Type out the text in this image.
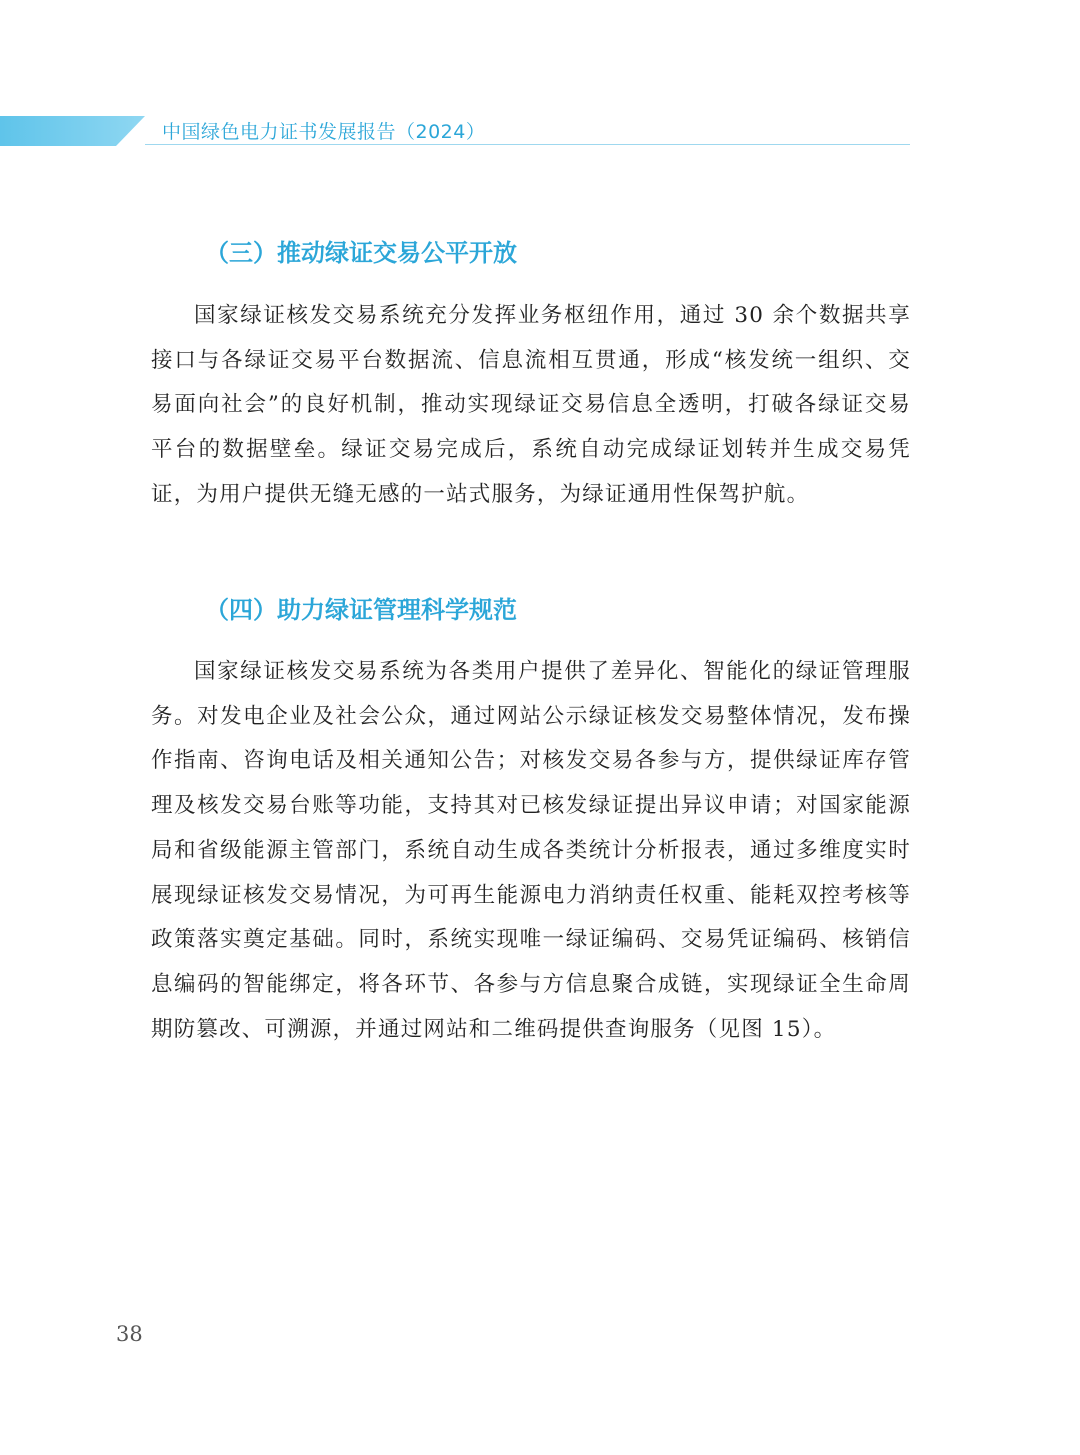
中国绿色电力证书发展报告（2024）
（三）推动绿证交易公平开放

国家绿证核发交易系统充分发挥业务枢纽作用，通过 30 余个数据共享接口与各绿证交易平台数据流、信息流相互贯通，形成“核发统一组织、交易面向社会”的良好机制，推动实现绿证交易信息全透明，打破各绿证交易平台的数据壁垒。绿证交易完成后，系统自动完成绿证划转并生成交易凭证，为用户提供无缝无感的一站式服务，为绿证通用性保驾护航。

（四）助力绿证管理科学规范

国家绿证核发交易系统为各类用户提供了差异化、智能化的绿证管理服务。对发电企业及社会公众，通过网站公示绿证核发交易整体情况，发布操作指南、咨询电话及相关通知公告；对核发交易各参与方，提供绿证库存管理及核发交易台账等功能，支持其对已核发绿证提出异议申请；对国家能源局和省级能源主管部门，系统自动生成各类统计分析报表，通过多维度实时展现绿证核发交易情况，为可再生能源电力消纳责任权重、能耗双控考核等政策落实奠定基础。同时，系统实现唯一绿证编码、交易凭证编码、核销信息编码的智能绑定，将各环节、各参与方信息聚合成链，实现绿证全生命周期防篡改、可溯源，并通过网站和二维码提供查询服务（见图 15）。

38
